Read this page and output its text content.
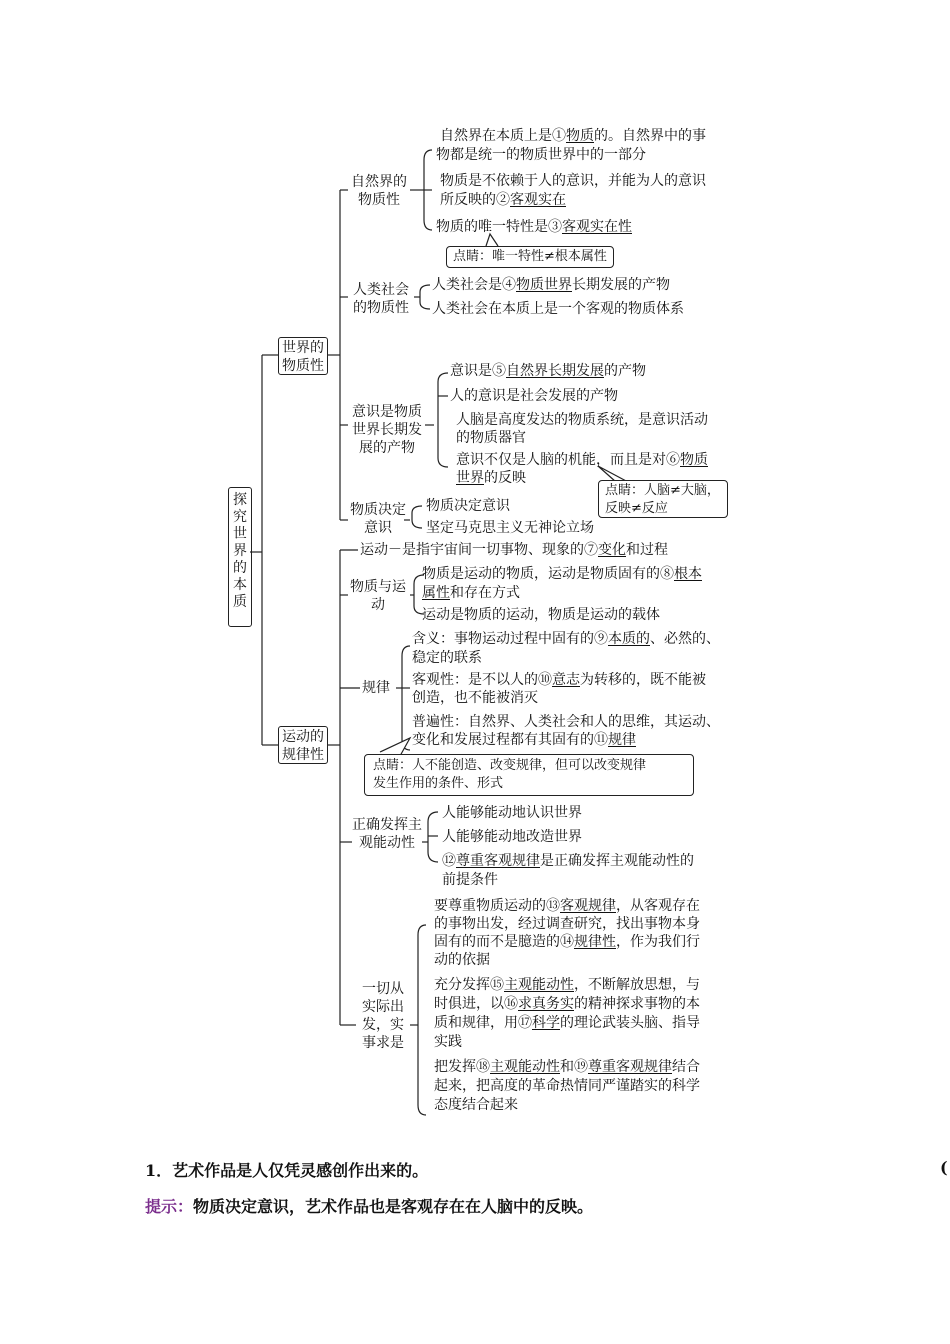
探究世界的本质
世界的物质性
自然界的物质性
自然界在本质上是①物质的。自然界中的事
物都是统一的物质世界中的一部分
物质是不依赖于人的意识，并能为人的意识
所反映的②客观实在
物质的唯一特性是③客观实在性
点睛：唯一特性≠根本属性
人类社会的物质性
人类社会是④物质世界长期发展的产物
人类社会在本质上是一个客观的物质体系
意识是物质世界长期发展的产物
意识是⑤自然界长期发展的产物
人的意识是社会发展的产物
人脑是高度发达的物质系统，是意识活动
的物质器官
意识不仅是人脑的机能，而且是对⑥物质
世界的反映
点睛：人脑≠大脑，
反映≠反应
物质决定意识
物质决定意识
坚定马克思主义无神论立场
运动的规律性
运动－是指宇宙间一切事物、现象的⑦变化和过程
物质与运动
物质是运动的物质，运动是物质固有的⑧根本
属性和存在方式
运动是物质的运动，物质是运动的载体
规律
含义：事物运动过程中固有的⑨本质的、必然的、
稳定的联系
客观性：是不以人的⑩意志为转移的，既不能被
创造，也不能被消灭
普遍性：自然界、人类社会和人的思维，其运动、
变化和发展过程都有其固有的⑪规律
点睛：人不能创造、改变规律，但可以改变规律
发生作用的条件、形式
正确发挥主观能动性
人能够能动地认识世界
人能够能动地改造世界
⑫尊重客观规律是正确发挥主观能动性的
前提条件
一切从实际出发，实事求是
要尊重物质运动的⑬客观规律，从客观存在
的事物出发，经过调查研究，找出事物本身
固有的而不是臆造的⑭规律性，作为我们行
动的依据
充分发挥⑮主观能动性，不断解放思想，与
时俱进，以⑯求真务实的精神探求事物的本
质和规律，用⑰科学的理论武装头脑、指导
实践
把发挥⑱主观能动性和⑲尊重客观规律结合
起来，把高度的革命热情同严谨踏实的科学
态度结合起来
1．艺术作品是人仅凭灵感创作出来的。	(
提示：物质决定意识，艺术作品也是客观存在在人脑中的反映。
